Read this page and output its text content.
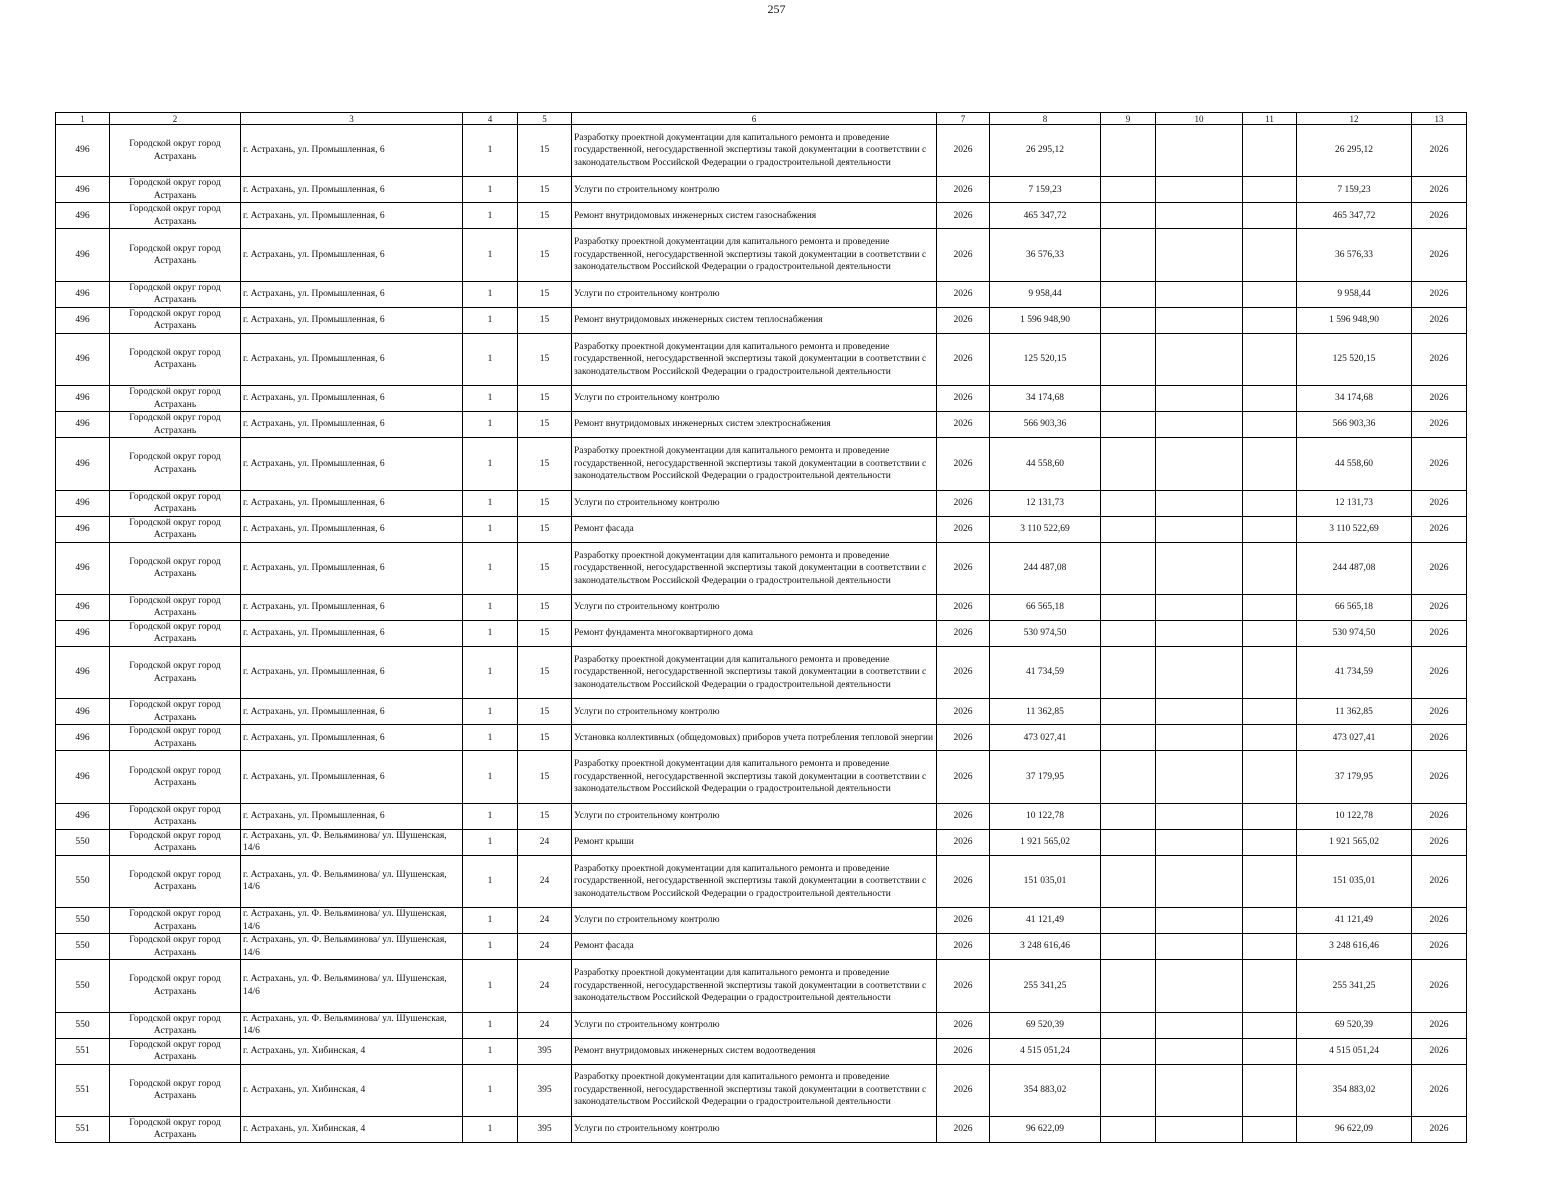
257
1	2	3	4	5	6	7	8	9	10	11	12	13
496	Городской округ город Астрахань	г. Астрахань, ул. Промышленная, 6	1	15	Разработку проектной документации для капитального ремонта и проведение государственной, негосударственной экспертизы такой документации в соответствии с законодательством Российской Федерации о градостроительной деятельности	2026	26 295,12				26 295,12	2026
496	Городской округ город Астрахань	г. Астрахань, ул. Промышленная, 6	1	15	Услуги по строительному контролю	2026	7 159,23				7 159,23	2026
496	Городской округ город Астрахань	г. Астрахань, ул. Промышленная, 6	1	15	Ремонт внутридомовых инженерных систем газоснабжения	2026	465 347,72				465 347,72	2026
496	Городской округ город Астрахань	г. Астрахань, ул. Промышленная, 6	1	15	Разработку проектной документации для капитального ремонта и проведение государственной, негосударственной экспертизы такой документации в соответствии с законодательством Российской Федерации о градостроительной деятельности	2026	36 576,33				36 576,33	2026
496	Городской округ город Астрахань	г. Астрахань, ул. Промышленная, 6	1	15	Услуги по строительному контролю	2026	9 958,44				9 958,44	2026
496	Городской округ город Астрахань	г. Астрахань, ул. Промышленная, 6	1	15	Ремонт внутридомовых инженерных систем теплоснабжения	2026	1 596 948,90				1 596 948,90	2026
496	Городской округ город Астрахань	г. Астрахань, ул. Промышленная, 6	1	15	Разработку проектной документации для капитального ремонта и проведение государственной, негосударственной экспертизы такой документации в соответствии с законодательством Российской Федерации о градостроительной деятельности	2026	125 520,15				125 520,15	2026
496	Городской округ город Астрахань	г. Астрахань, ул. Промышленная, 6	1	15	Услуги по строительному контролю	2026	34 174,68				34 174,68	2026
496	Городской округ город Астрахань	г. Астрахань, ул. Промышленная, 6	1	15	Ремонт внутридомовых инженерных систем электроснабжения	2026	566 903,36				566 903,36	2026
496	Городской округ город Астрахань	г. Астрахань, ул. Промышленная, 6	1	15	Разработку проектной документации для капитального ремонта и проведение государственной, негосударственной экспертизы такой документации в соответствии с законодательством Российской Федерации о градостроительной деятельности	2026	44 558,60				44 558,60	2026
496	Городской округ город Астрахань	г. Астрахань, ул. Промышленная, 6	1	15	Услуги по строительному контролю	2026	12 131,73				12 131,73	2026
496	Городской округ город Астрахань	г. Астрахань, ул. Промышленная, 6	1	15	Ремонт фасада	2026	3 110 522,69				3 110 522,69	2026
496	Городской округ город Астрахань	г. Астрахань, ул. Промышленная, 6	1	15	Разработку проектной документации для капитального ремонта и проведение государственной, негосударственной экспертизы такой документации в соответствии с законодательством Российской Федерации о градостроительной деятельности	2026	244 487,08				244 487,08	2026
496	Городской округ город Астрахань	г. Астрахань, ул. Промышленная, 6	1	15	Услуги по строительному контролю	2026	66 565,18				66 565,18	2026
496	Городской округ город Астрахань	г. Астрахань, ул. Промышленная, 6	1	15	Ремонт фундамента многоквартирного дома	2026	530 974,50				530 974,50	2026
496	Городской округ город Астрахань	г. Астрахань, ул. Промышленная, 6	1	15	Разработку проектной документации для капитального ремонта и проведение государственной, негосударственной экспертизы такой документации в соответствии с законодательством Российской Федерации о градостроительной деятельности	2026	41 734,59				41 734,59	2026
496	Городской округ город Астрахань	г. Астрахань, ул. Промышленная, 6	1	15	Услуги по строительному контролю	2026	11 362,85				11 362,85	2026
496	Городской округ город Астрахань	г. Астрахань, ул. Промышленная, 6	1	15	Установка коллективных (общедомовых) приборов учета потребления тепловой энергии	2026	473 027,41				473 027,41	2026
496	Городской округ город Астрахань	г. Астрахань, ул. Промышленная, 6	1	15	Разработку проектной документации для капитального ремонта и проведение государственной, негосударственной экспертизы такой документации в соответствии с законодательством Российской Федерации о градостроительной деятельности	2026	37 179,95				37 179,95	2026
496	Городской округ город Астрахань	г. Астрахань, ул. Промышленная, 6	1	15	Услуги по строительному контролю	2026	10 122,78				10 122,78	2026
550	Городской округ город Астрахань	г. Астрахань, ул. Ф. Вельяминова/ ул. Шушенская, 14/6	1	24	Ремонт крыши	2026	1 921 565,02				1 921 565,02	2026
550	Городской округ город Астрахань	г. Астрахань, ул. Ф. Вельяминова/ ул. Шушенская, 14/6	1	24	Разработку проектной документации для капитального ремонта и проведение государственной, негосударственной экспертизы такой документации в соответствии с законодательством Российской Федерации о градостроительной деятельности	2026	151 035,01				151 035,01	2026
550	Городской округ город Астрахань	г. Астрахань, ул. Ф. Вельяминова/ ул. Шушенская, 14/6	1	24	Услуги по строительному контролю	2026	41 121,49				41 121,49	2026
550	Городской округ город Астрахань	г. Астрахань, ул. Ф. Вельяминова/ ул. Шушенская, 14/6	1	24	Ремонт фасада	2026	3 248 616,46				3 248 616,46	2026
550	Городской округ город Астрахань	г. Астрахань, ул. Ф. Вельяминова/ ул. Шушенская, 14/6	1	24	Разработку проектной документации для капитального ремонта и проведение государственной, негосударственной экспертизы такой документации в соответствии с законодательством Российской Федерации о градостроительной деятельности	2026	255 341,25				255 341,25	2026
550	Городской округ город Астрахань	г. Астрахань, ул. Ф. Вельяминова/ ул. Шушенская, 14/6	1	24	Услуги по строительному контролю	2026	69 520,39				69 520,39	2026
551	Городской округ город Астрахань	г. Астрахань, ул. Хибинская, 4	1	395	Ремонт внутридомовых инженерных систем водоотведения	2026	4 515 051,24				4 515 051,24	2026
551	Городской округ город Астрахань	г. Астрахань, ул. Хибинская, 4	1	395	Разработку проектной документации для капитального ремонта и проведение государственной, негосударственной экспертизы такой документации в соответствии с законодательством Российской Федерации о градостроительной деятельности	2026	354 883,02				354 883,02	2026
551	Городской округ город Астрахань	г. Астрахань, ул. Хибинская, 4	1	395	Услуги по строительному контролю	2026	96 622,09				96 622,09	2026
